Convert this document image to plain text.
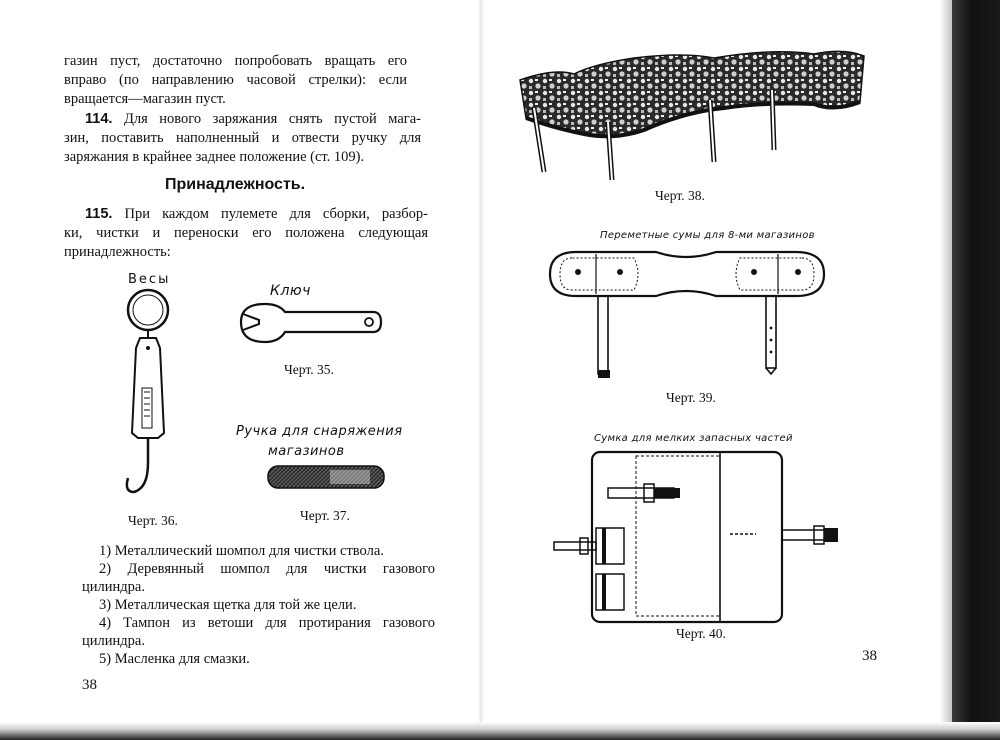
газин пуст, достаточно попробовать вращать его
вправо (по направлению часовой стрелки): если
вращается—магазин пуст.
114. Для нового заряжания снять пустой мага-
зин, поставить наполненный и отвести ручку для
заряжания в крайнее заднее положение (ст. 109).
Принадлежность.
115. При каждом пулемете для сборки, разбор-
ки, чистки и переноски его положена следующая
принадлежность:
Весы
Черт. 36.
Ключ
Черт. 35.
Ручка для снаряжения
магазинов
Черт. 37.
1) Металлический шомпол для чистки ствола.
2) Деревянный шомпол для чистки газового
цилиндра.
3) Металлическая щетка для той же цели.
4) Тампон из ветоши для протирания газового
цилиндра.
5) Масленка для смазки.
38
Черт. 38.
Переметные сумы для 8-ми магазинов
Черт. 39.
Сумка для мелких запасных частей
Черт. 40.
38
